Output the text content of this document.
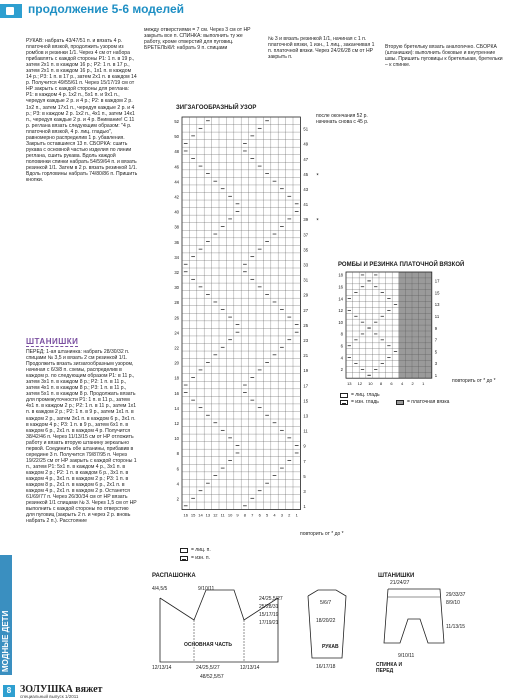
продолжение 5-6 моделей
РУКАВ: набрать 43/47/51 п. и вязать 4 р. платочной вязкой, продолжить узором из ромбов и резинки 1/1. Через 4 см от набора прибавлять с каждой стороны Р1: 1 п. в 19 р., затем 2х1 п. в каждом 16 р.; Р2: 1 п. в 17 р., затем 2х1 п. в каждом 16 р., 1х1 п. в каждом 14 р.; Р3: 1 п. в 17 р., затем 2х1 п. в каждом 14 р. Получится 49/55/61 п. Через 15/17/19 см от НР закрыть с каждой стороны для реглана: Р1: в каждом 4 р. 1х2 п., 5х1 п. и 9х1 п., чередуя каждые 2 р. и 4 р.; Р2: в каждом 2 р. 1х2 п., затем 17х1 п., чередуя каждые 2 р. и 4 р.; Р3: в каждом 2 р. 1х2 п., 4х1 п., затем 14х1 п., чередуя каждые 2 р. и 4 р. Внимание! С 11 р. реглана вязать следующим образом: "4 р. платочной вязкой, 4 р. лиц. гладью", равномерно распределив 1 р. убавления. Закрыть оставшиеся 13 п. СБОРКА: сшить рукава с основной частью изделия по линии реглана, сшить рукава. Вдоль каждой половинки спинки набрать 54/59/64 п. и вязать резинкой 1/1. Затем в 2 р. вязать резинкой 1/1. Вдоль горловины набрать 74/80/86 п. Пришить кнопки.
между отверстиями = 7 см. Через 3 см от НР закрыть все п. СПИНКА: выполнить ту же работу, кроме отверстий для пуговиц. БРЕТЕЛЬКИ: набрать 9 п. спицами
№ 3 и вязать резинкой 1/1, начиная с 1 п. платочной вязки, 1 изн., 1 лиц., заканчивая 1 п. платочной вязки. Через 24/26/28 см от НР закрыть п.
Вторую бретельку вязать аналогично. СБОРКА (штанишки): выполнить боковые и внутренние швы. Пришить пуговицы к бретелькам, бретельки – к спинке.
ШТАНИШКИ
ПЕРЕД: 1-ая штанинка: набрать 28/30/32 п. спицами № 3,5 и вязать 2 см резинкой 1/1. Продолжить вязать зигзагообразным узором, начиная с 6/3/8 п. схемы, распределив в каждом р. по следующим образом Р1: в 11 р., затем 3х1 п. в каждом 8 р.; Р2: 1 п. в 11 р., затем 4х1 п. в каждом 8 р.; Р3: 1 п. в 11 р., затем 5х1 п. в каждом 8 р. Продолжать вязать для промежуточности Р1: 1 п. в 11 р., затем 4х1 п. в каждом 2 р.; Р2: 1 п. в 11 р., затем 1х1 п. в каждом 2 р.; Р2: 1 п. в 9 р., затем 1х1 п. в каждом 2 р., затем 3х1 п. в каждом 6 р., 3х1 п. в каждом 4 р.; Р3: 1 п. в 9 р., затем 6х1 п. в каждом 6 р., 2х1 п. в каждом 4 р. Получится 38/42/46 п. Через 11/13/15 см от НР отложить работу и вязать вторую штанину зеркально первой. Соединить обе штанины, прибавив в середине 3 п. Получится 79/87/95 п. Через 19/22/25 см от НР закрыть с каждой стороны 1 п., затем Р1: 5х1 п. в каждом 4 р., 3х1 п. в каждом 2 р.; Р2: 1 п. в каждом 6 р., 3х1 п. в каждом 4 р., 3х1 п. в каждом 2 р.; Р3: 1 п. в каждом 8 р., 2х1 п. в каждом 6 р., 2х1 п. в каждом 4 р., 2х1 п. в каждом 2 р. Останется 61/69/77 п. Через 26/30/34 см от НР вязать резинкой 1/1 спицами № 3. Через 1,5 см от НР выполнить с каждой стороны по отверстию для пуговиц (закрыть 2 п. и через 2 р. вновь набрать 2 п.). Расстояние
ЗИГЗАГООБРАЗНЫЙ УЗОР
после окончания 52 р. начинать снова с 45 р.
52
50
48
46
44
42
40
38
36
34
32
30
28
26
24
22
20
18
16
14
12
10
8
6
4
2
51
49
47
45
43
41
39
37
35
33
31
29
27
25
23
21
19
17
15
13
11
9
7
5
3
1
16 15 14 13 12 11 10 9 8 7 6 5 4 3 2 1
*
*
повторить от * до *
= лиц. п.
= изн. п.
РОМБЫ И РЕЗИНКА ПЛАТОЧНОЙ ВЯЗКОЙ
18
16
14
12
10
8
6
4
2
17
15
13
11
9
7
5
3
1
13 12 10 8 6 4 2 1	повторить от * до *
= лиц. гладь
= изн. гладь	= платочная вязка
РАСПАШОНКА
4/4,5/5	9/10/11
24/25,5/27
25/28/31
15/17/19
17/19/21
ОСНОВНАЯ ЧАСТЬ
12/13/14	24/25,5/27	12/13/14
48/52,5/57
5/6/7
18/20/22
РУКАВ
16/17/18
ШТАНИШКИ
21/24/27
29/33/37
8/9/10
11/13/15
9/10/11
СПИНКА И ПЕРЕД
МОДНЫЕ ДЕТИ
8 ЗОЛУШКА вяжет
специальный выпуск 1/2011
